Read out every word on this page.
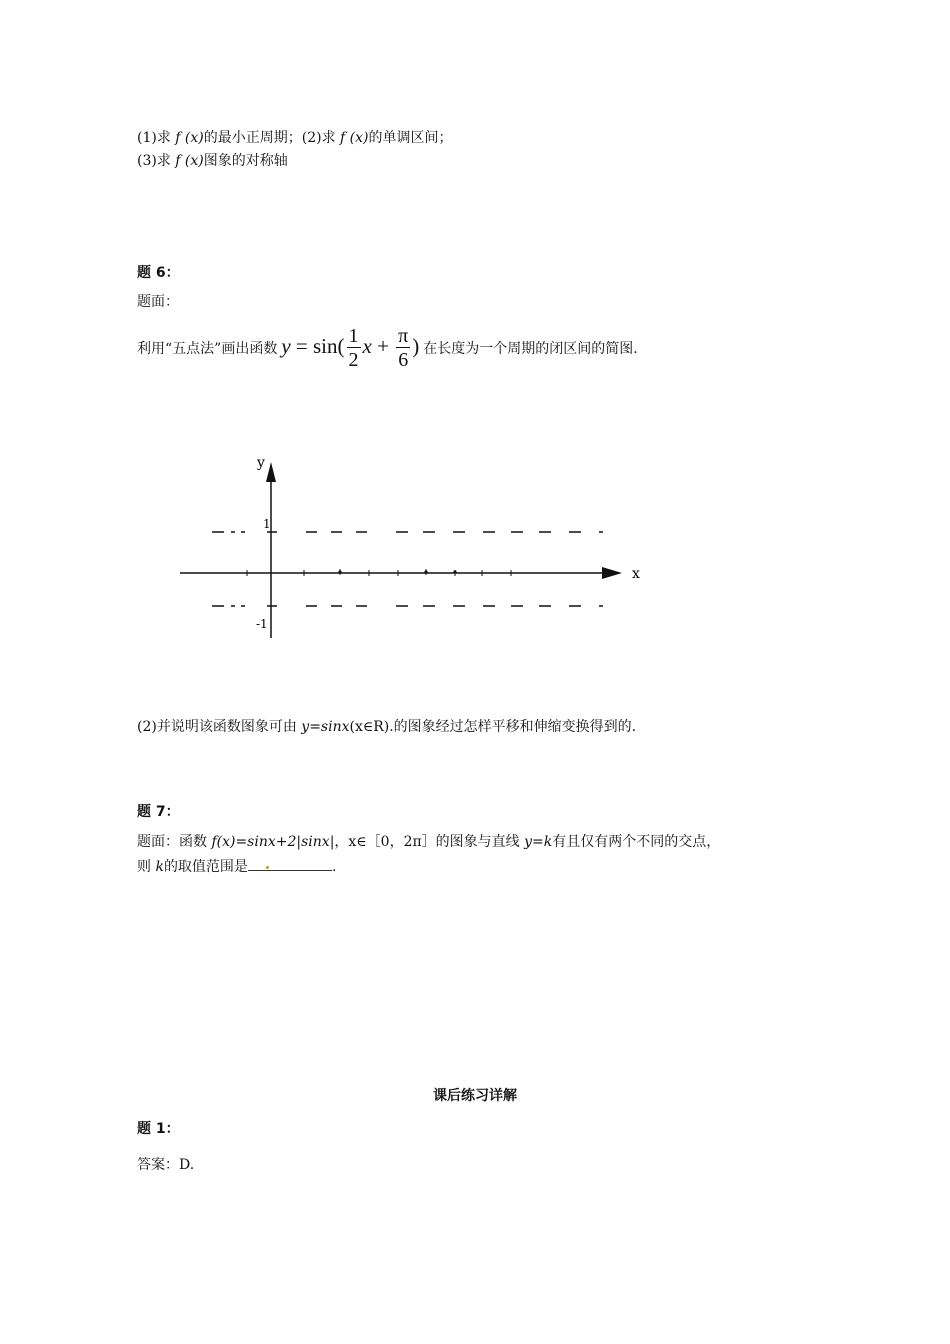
(1)求 f (x)的最小正周期；(2)求 f (x)的单调区间；
(3)求 f (x)图象的对称轴
题 6：
题面：
利用“五点法”画出函数 $y = \sin( \frac{1}{2}$ $x + \frac{\pi}{6}$ ) 在长度为一个周期的闭区间的简图.
y
x
1
-1
(2)并说明该函数图象可由 y=sinx(x∈R).的图象经过怎样平移和伸缩变换得到的.
题 7：
题面：函数 f(x)=sinx+2|sinx|，x∈［0，2π］的图象与直线 y=k有且仅有两个不同的交点，
则 k的取值范围是	.
课后练习详解
题 1：
答案：D.
